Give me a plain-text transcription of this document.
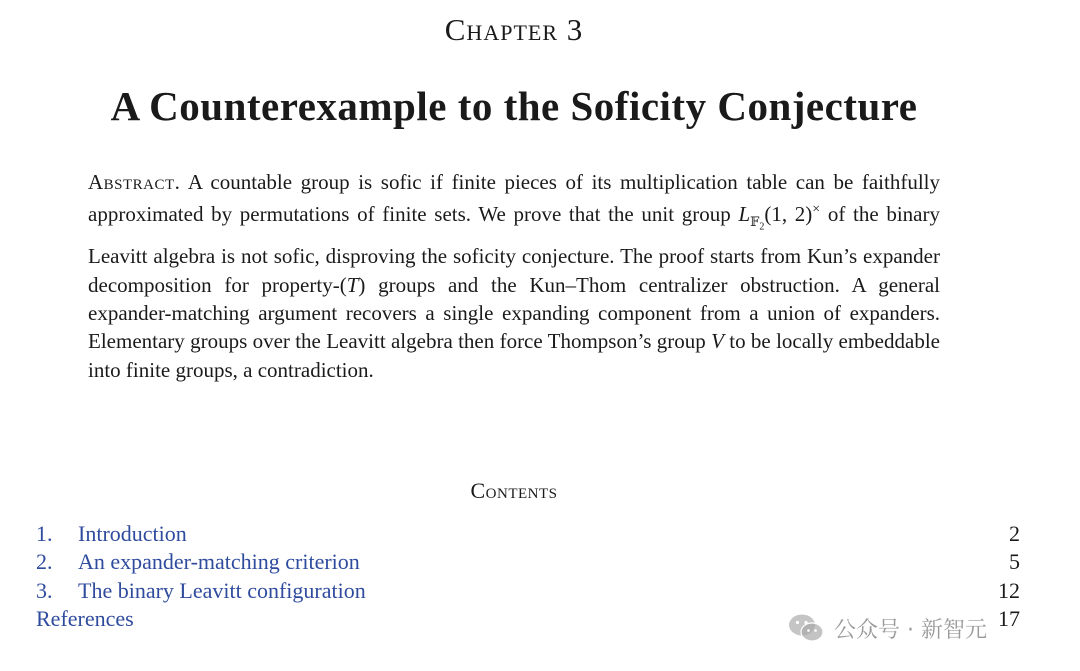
Chapter 3
A Counterexample to the Soficity Conjecture
Abstract. A countable group is sofic if finite pieces of its multiplication table can be faithfully approximated by permutations of finite sets. We prove that the unit group $L_{𝔽_2}(1$, 2)× of the binary Leavitt algebra is not sofic, disproving the soficity conjecture. The proof starts from Kun’s expander decomposition for property-(T) groups and the Kun–Thom centralizer obstruction. A general expander-matching argument recovers a single expanding component from a union of expanders. Elementary groups over the Leavitt algebra then force Thompson’s group V to be locally embeddable into finite groups, a contradiction.
Contents
1. Introduction	2
2. An expander-matching criterion	5
3. The binary Leavitt configuration	12
References	17
公众号 · 新智元
